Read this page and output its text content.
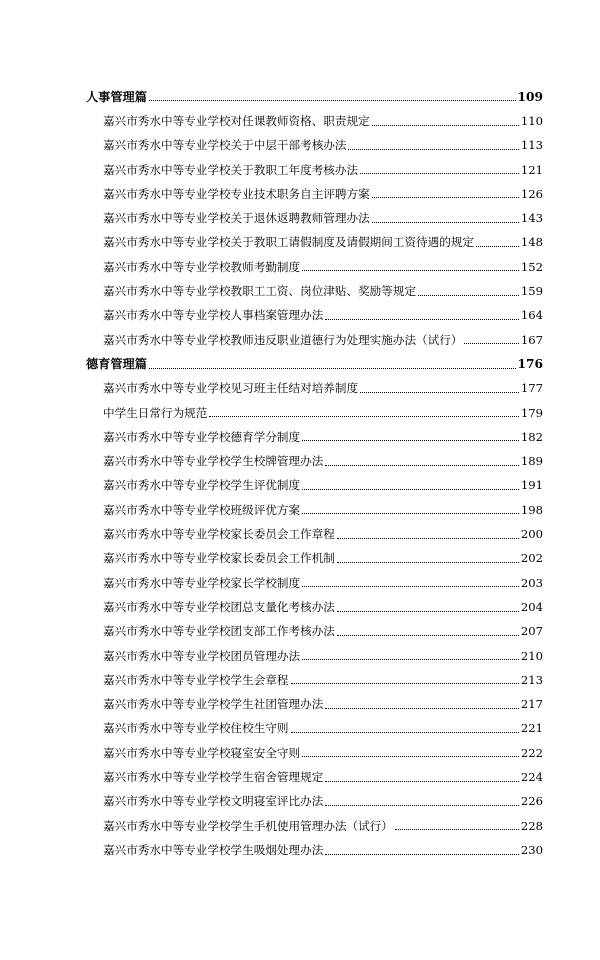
人事管理篇	109
嘉兴市秀水中等专业学校对任课教师资格、职责规定	110
嘉兴市秀水中等专业学校关于中层干部考核办法	113
嘉兴市秀水中等专业学校关于教职工年度考核办法	121
嘉兴市秀水中等专业学校专业技术职务自主评聘方案	126
嘉兴市秀水中等专业学校关于退休返聘教师管理办法	143
嘉兴市秀水中等专业学校关于教职工请假制度及请假期间工资待遇的规定	148
嘉兴市秀水中等专业学校教师考勤制度	152
嘉兴市秀水中等专业学校教职工工资、岗位津贴、奖励等规定	159
嘉兴市秀水中等专业学校人事档案管理办法	164
嘉兴市秀水中等专业学校教师违反职业道德行为处理实施办法（试行）	167
德育管理篇	176
嘉兴市秀水中等专业学校见习班主任结对培养制度	177
中学生日常行为规范	179
嘉兴市秀水中等专业学校德育学分制度	182
嘉兴市秀水中等专业学校学生校牌管理办法	189
嘉兴市秀水中等专业学校学生评优制度	191
嘉兴市秀水中等专业学校班级评优方案	198
嘉兴市秀水中等专业学校家长委员会工作章程	200
嘉兴市秀水中等专业学校家长委员会工作机制	202
嘉兴市秀水中等专业学校家长学校制度	203
嘉兴市秀水中等专业学校团总支量化考核办法	204
嘉兴市秀水中等专业学校团支部工作考核办法	207
嘉兴市秀水中等专业学校团员管理办法	210
嘉兴市秀水中等专业学校学生会章程	213
嘉兴市秀水中等专业学校学生社团管理办法	217
嘉兴市秀水中等专业学校住校生守则	221
嘉兴市秀水中等专业学校寝室安全守则	222
嘉兴市秀水中等专业学校学生宿舍管理规定	224
嘉兴市秀水中等专业学校文明寝室评比办法	226
嘉兴市秀水中等专业学校学生手机使用管理办法（试行）	228
嘉兴市秀水中等专业学校学生吸烟处理办法	230
